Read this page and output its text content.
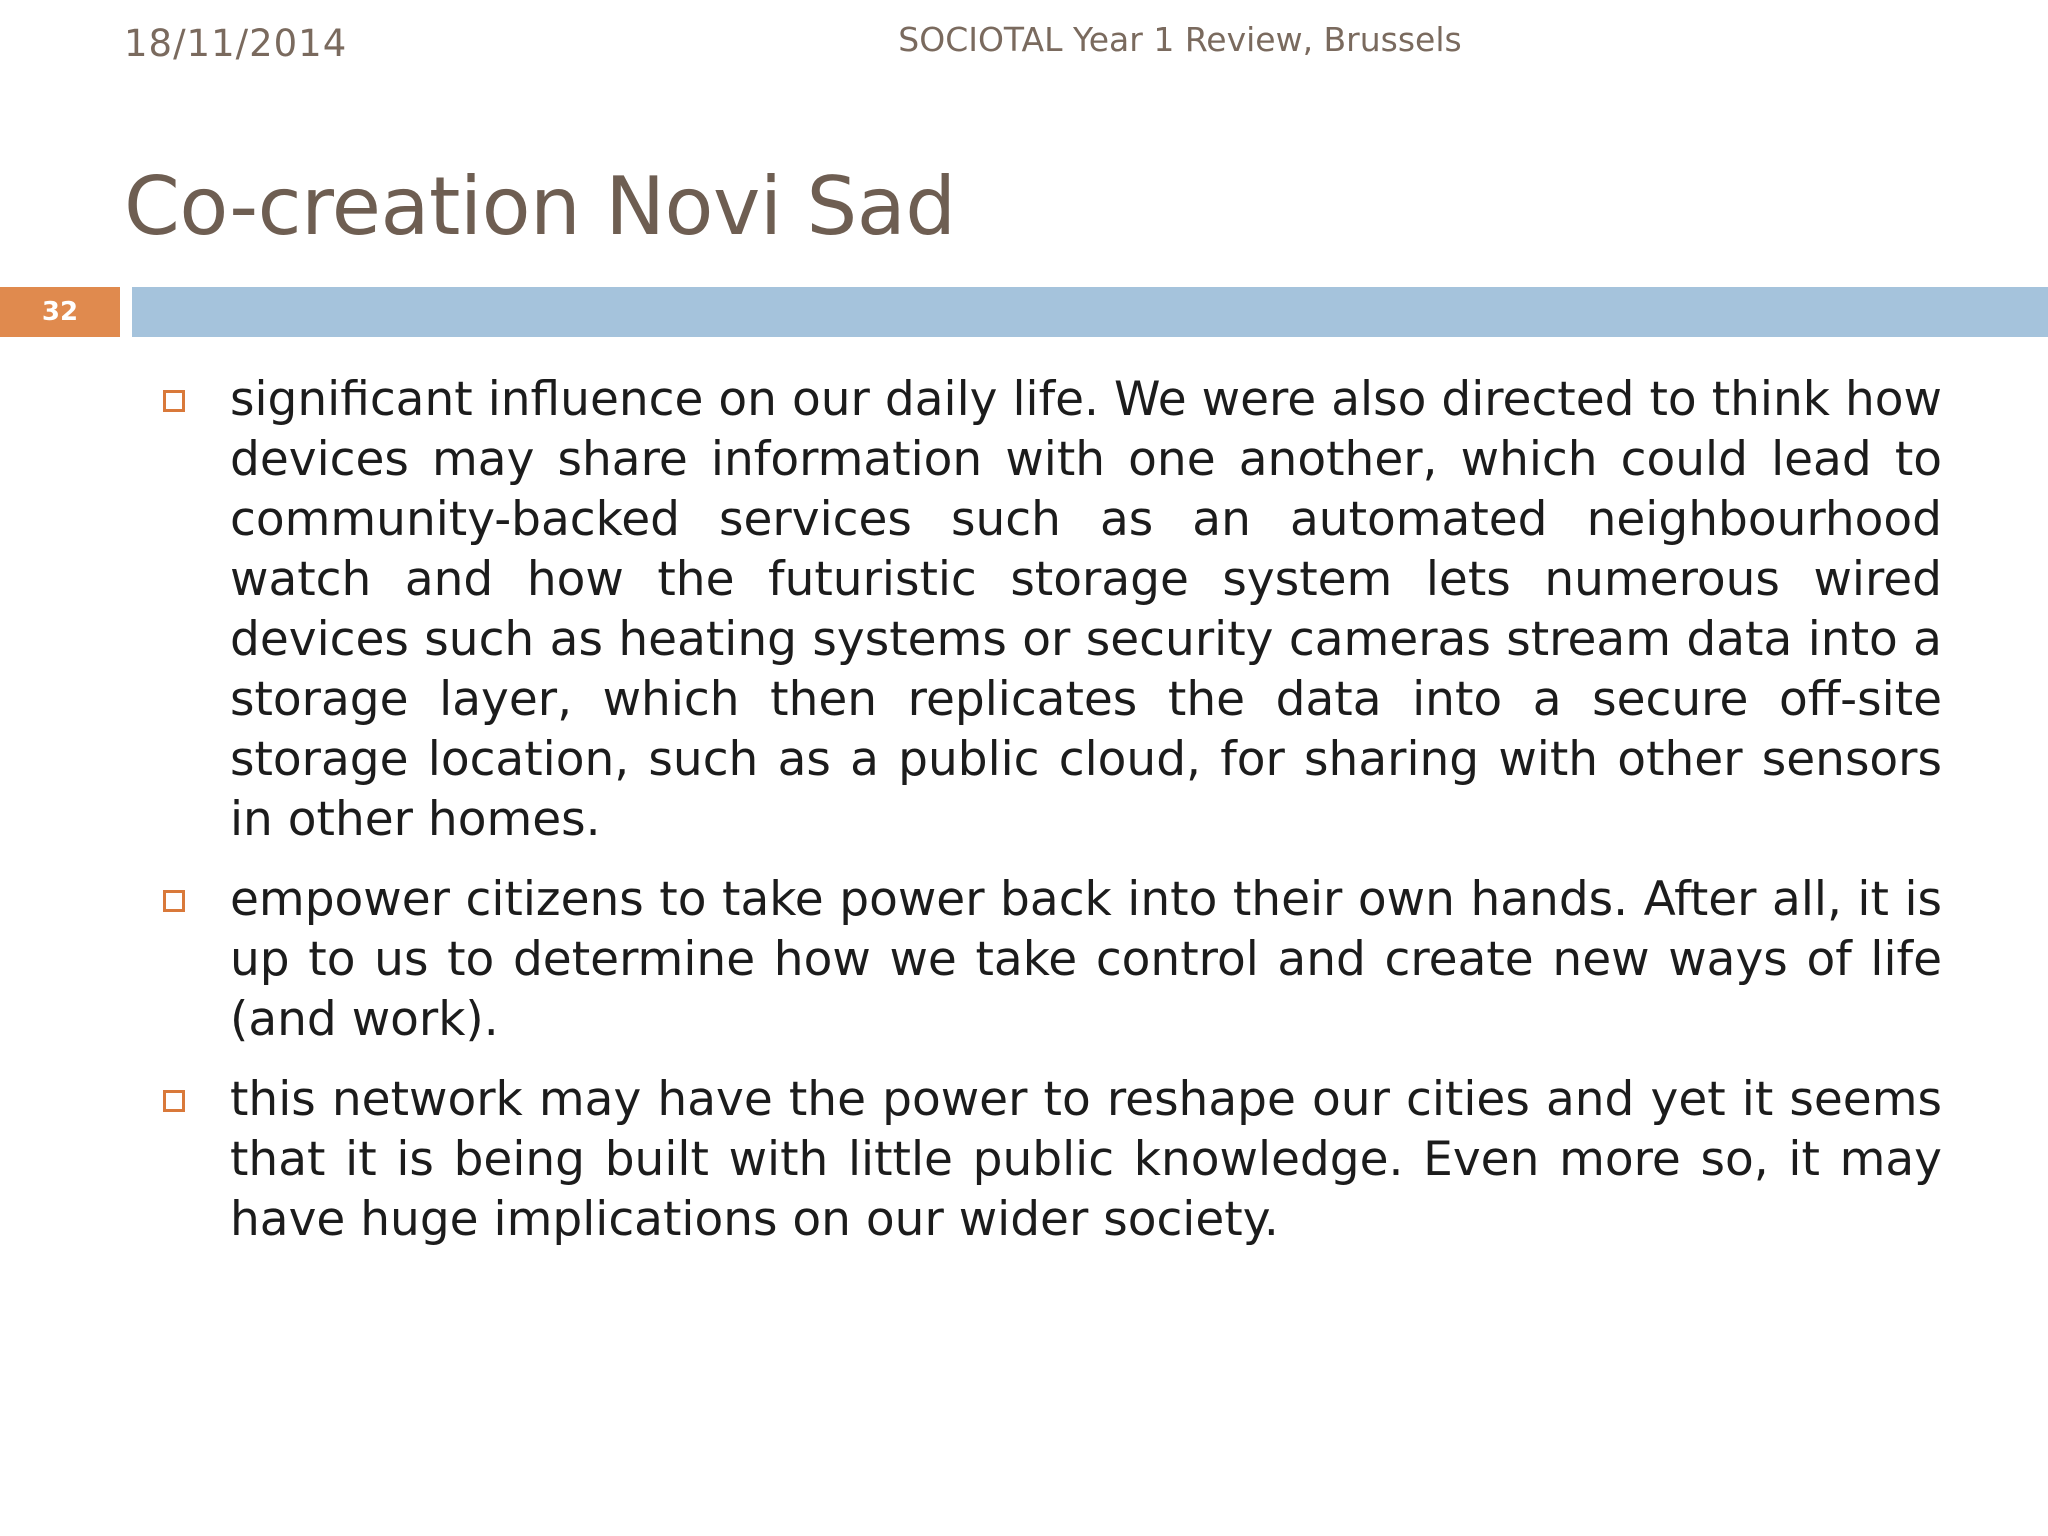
18/11/2014	SOCIOTAL Year 1 Review, Brussels
Co-creation Novi Sad
32
significant influence on our daily life. We were also directed to think how devices may share information with one another, which could lead to community-backed services such as an automated neighbourhood watch and how the futuristic storage system lets numerous wired devices such as heating systems or security cameras stream data into a storage layer, which then replicates the data into a secure off-site storage location, such as a public cloud, for sharing with other sensors in other homes.
empower citizens to take power back into their own hands. After all, it is up to us to determine how we take control and create new ways of life (and work).
this network may have the power to reshape our cities and yet it seems that it is being built with little public knowledge. Even more so, it may have huge implications on our wider society.
